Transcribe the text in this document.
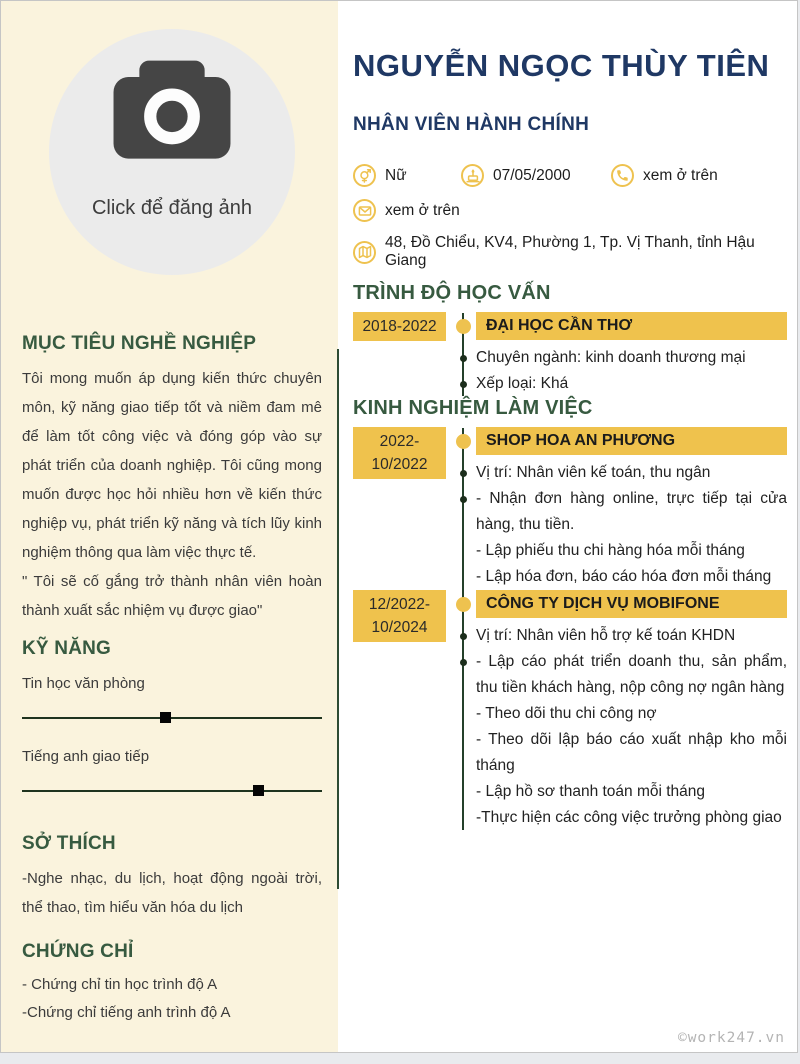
Click để đăng ảnh
MỤC TIÊU NGHỀ NGHIỆP

Tôi mong muốn áp dụng kiến thức chuyên môn, kỹ năng giao tiếp tốt và niềm đam mê để làm tốt công việc và đóng góp vào sự phát triển của doanh nghiệp. Tôi cũng mong muốn được học hỏi nhiều hơn về kiến thức nghiệp vụ, phát triển kỹ năng và tích lũy kinh nghiệm thông qua làm việc thực tế.

" Tôi sẽ cố gắng trở thành nhân viên hoàn thành xuất sắc nhiệm vụ được giao"

KỸ NĂNG
Tin học văn phòng
Tiếng anh giao tiếp
SỞ THÍCH

-Nghe nhạc, du lịch, hoạt động ngoài trời, thể thao, tìm hiểu văn hóa du lịch

CHỨNG CHỈ
- Chứng chỉ tin học trình độ A
-Chứng chỉ tiếng anh trình độ A
NGUYỄN NGỌC THÙY TIÊN
NHÂN VIÊN HÀNH CHÍNH
Nữ	07/05/2000	xem ở trên
xem ở trên
48, Đồ Chiểu, KV4, Phường 1, Tp. Vị Thanh, tỉnh Hậu Giang
TRÌNH ĐỘ HỌC VẤN
2018-2022	ĐẠI HỌC CẦN THƠ
Chuyên ngành: kinh doanh thương mại
Xếp loại: Khá
KINH NGHIỆM LÀM VIỆC
2022-
10/2022
SHOP HOA AN PHƯƠNG
Vị trí: Nhân viên kế toán, thu ngân
- Nhận đơn hàng online, trực tiếp tại cửa hàng, thu tiền.
- Lập phiếu thu chi hàng hóa mỗi tháng
- Lập hóa đơn, báo cáo hóa đơn mỗi tháng
12/2022-
10/2024
CÔNG TY DỊCH VỤ MOBIFONE
Vị trí: Nhân viên hỗ trợ kế toán KHDN
- Lập cáo phát triển doanh thu, sản phẩm, thu tiền khách hàng, nộp công nợ ngân hàng
- Theo dõi thu chi công nợ
- Theo dõi lập báo cáo xuất nhập kho mỗi tháng
- Lập hồ sơ thanh toán mỗi tháng
-Thực hiện các công việc trưởng phòng giao
©work247.vn
